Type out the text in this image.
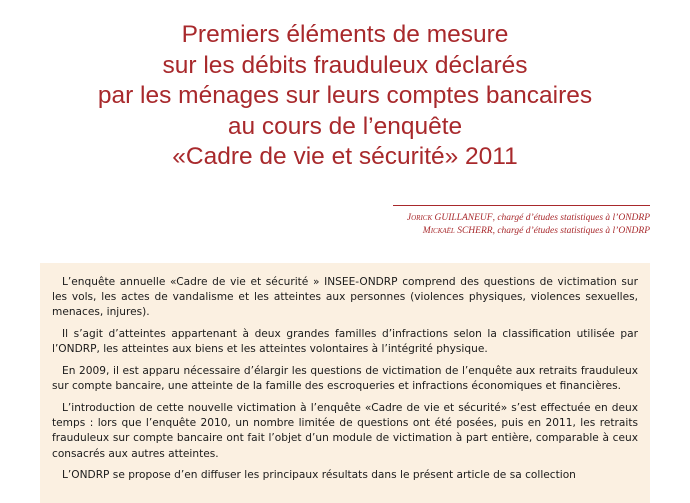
Premiers éléments de mesure
sur les débits frauduleux déclarés
par les ménages sur leurs comptes bancaires
au cours de l’enquête
«Cadre de vie et sécurité» 2011
Jorick GUILLANEUF, chargé d’études statistiques à l’ONDRP
Mickaël SCHERR, chargé d’études statistiques à l’ONDRP

L’enquête annuelle «Cadre de vie et sécurité » INSEE-ONDRP comprend des questions de victimation sur les vols, les actes de vandalisme et les atteintes aux personnes (violences physiques, violences sexuelles, menaces, injures).

Il s’agit d’atteintes appartenant à deux grandes familles d’infractions selon la classification utilisée par l’ONDRP, les atteintes aux biens et les atteintes volontaires à l’intégrité physique.

En 2009, il est apparu nécessaire d’élargir les questions de victimation de l’enquête aux retraits frauduleux sur compte bancaire, une atteinte de la famille des escroqueries et infractions économiques et financières.

L’introduction de cette nouvelle victimation à l’enquête «Cadre de vie et sécurité» s’est effectuée en deux temps : lors que l’enquête 2010, un nombre limitée de questions ont été posées, puis en 2011, les retraits frauduleux sur compte bancaire ont fait l’objet d’un module de victimation à part entière, comparable à ceux consacrés aux autres atteintes.

L’ONDRP se propose d’en diffuser les principaux résultats dans le présent article de sa collection
